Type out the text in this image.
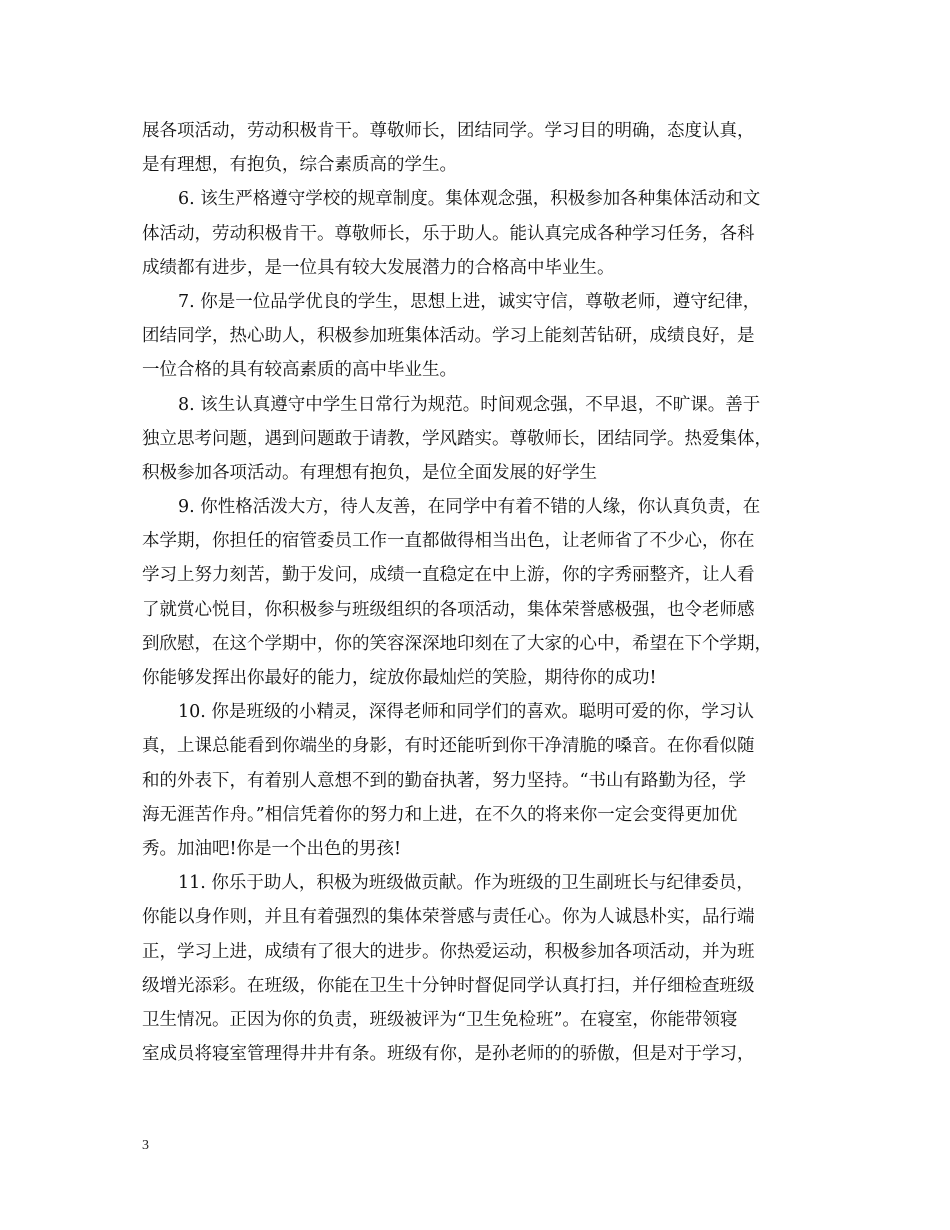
展各项活动，劳动积极肯干。尊敬师长，团结同学。学习目的明确，态度认真，
是有理想，有抱负，综合素质高的学生。
6. 该生严格遵守学校的规章制度。集体观念强，积极参加各种集体活动和文
体活动，劳动积极肯干。尊敬师长，乐于助人。能认真完成各种学习任务，各科
成绩都有进步，是一位具有较大发展潜力的合格高中毕业生。
7. 你是一位品学优良的学生，思想上进，诚实守信，尊敬老师，遵守纪律，
团结同学，热心助人，积极参加班集体活动。学习上能刻苦钻研，成绩良好，是
一位合格的具有较高素质的高中毕业生。
8. 该生认真遵守中学生日常行为规范。时间观念强，不早退，不旷课。善于
独立思考问题，遇到问题敢于请教，学风踏实。尊敬师长，团结同学。热爱集体，
积极参加各项活动。有理想有抱负，是位全面发展的好学生
9. 你性格活泼大方，待人友善，在同学中有着不错的人缘，你认真负责，在
本学期，你担任的宿管委员工作一直都做得相当出色，让老师省了不少心，你在
学习上努力刻苦，勤于发问，成绩一直稳定在中上游，你的字秀丽整齐，让人看
了就赏心悦目，你积极参与班级组织的各项活动，集体荣誉感极强，也令老师感
到欣慰，在这个学期中，你的笑容深深地印刻在了大家的心中，希望在下个学期，
你能够发挥出你最好的能力，绽放你最灿烂的笑脸，期待你的成功!
10. 你是班级的小精灵，深得老师和同学们的喜欢。聪明可爱的你，学习认
真，上课总能看到你端坐的身影，有时还能听到你干净清脆的嗓音。在你看似随
和的外表下，有着别人意想不到的勤奋执著，努力坚持。“书山有路勤为径，学
海无涯苦作舟。”相信凭着你的努力和上进，在不久的将来你一定会变得更加优
秀。加油吧!你是一个出色的男孩!
11. 你乐于助人，积极为班级做贡献。作为班级的卫生副班长与纪律委员，
你能以身作则，并且有着强烈的集体荣誉感与责任心。你为人诚恳朴实，品行端
正，学习上进，成绩有了很大的进步。你热爱运动，积极参加各项活动，并为班
级增光添彩。在班级，你能在卫生十分钟时督促同学认真打扫，并仔细检查班级
卫生情况。正因为你的负责，班级被评为“卫生免检班”。在寝室，你能带领寝
室成员将寝室管理得井井有条。班级有你，是孙老师的的骄傲，但是对于学习，
3
